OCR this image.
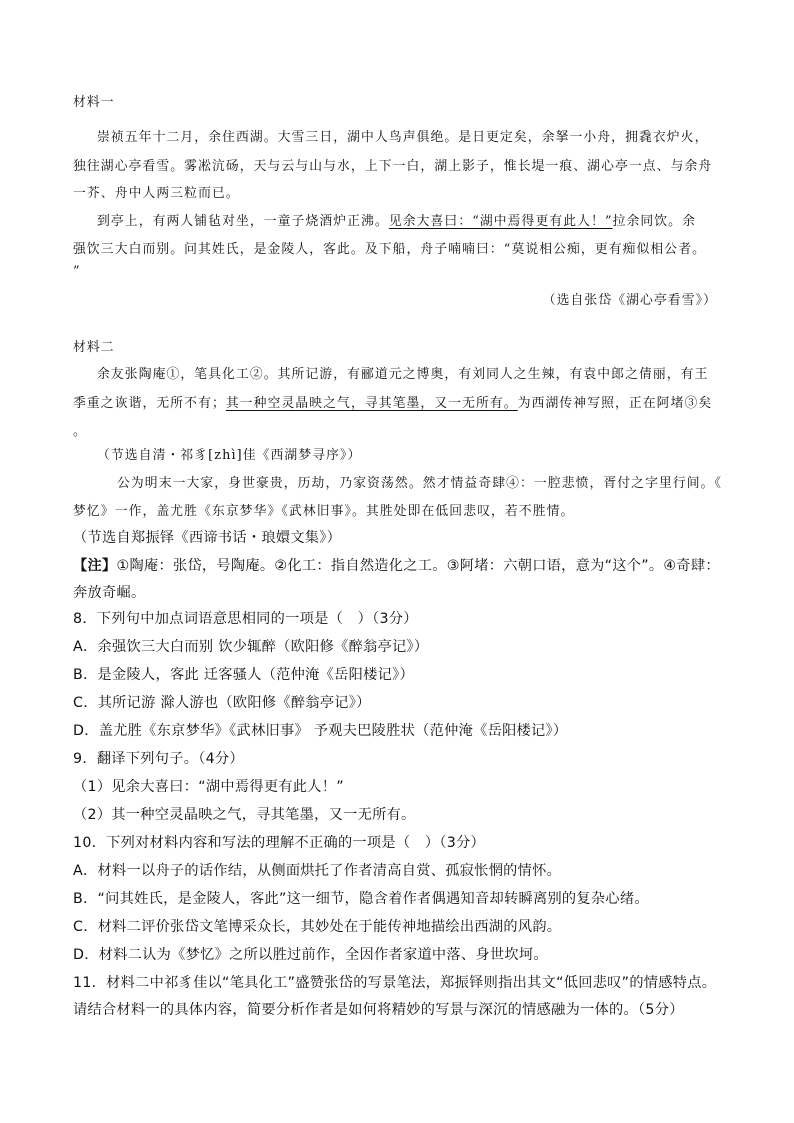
材料一
崇祯五年十二月，余住西湖。大雪三日，湖中人鸟声俱绝。是日更定矣，余拏一小舟，拥毳衣炉火，
独往湖心亭看雪。雾凇沆砀，天与云与山与水，上下一白，湖上影子，惟长堤一痕、湖心亭一点、与余舟
一芥、舟中人两三粒而已。
到亭上，有两人铺毡对坐，一童子烧酒炉正沸。见余大喜曰：“湖中焉得更有此人！”拉余同饮。余
强饮三大白而别。问其姓氏，是金陵人，客此。及下船，舟子喃喃曰：“莫说相公痴，更有痴似相公者。
”
（选自张岱《湖心亭看雪》）
材料二
余友张陶庵①，笔具化工②。其所记游，有郦道元之博奥，有刘同人之生辣，有袁中郎之倩丽，有王
季重之诙谐，无所不有；其一种空灵晶映之气，寻其笔墨，又一无所有。为西湖传神写照，正在阿堵③矣
。
（节选自清・祁豸[zhì]佳《西湖梦寻序》）
公为明末一大家，身世豪贵，历劫，乃家资荡然。然才情益奇肆④：一腔悲愤，胥付之字里行间。《
梦忆》一作，盖尤胜《东京梦华》《武林旧事》。其胜处即在低回悲叹，若不胜情。
（节选自郑振铎《西谛书话・琅嬛文集》）
【注】①陶庵：张岱，号陶庵。②化工：指自然造化之工。③阿堵：六朝口语，意为“这个”。④奇肆：
奔放奇崛。
8．下列句中加点词语意思相同的一项是（　）（3分）
A．余强饮三大白而别 饮少辄醉（欧阳修《醉翁亭记》）
B．是金陵人，客此 迁客骚人（范仲淹《岳阳楼记》）
C．其所记游 滁人游也（欧阳修《醉翁亭记》）
D．盖尤胜《东京梦华》《武林旧事》 予观夫巴陵胜状（范仲淹《岳阳楼记》）
9．翻译下列句子。（4分）
（1）见余大喜曰：“湖中焉得更有此人！”
（2）其一种空灵晶映之气，寻其笔墨，又一无所有。
10．下列对材料内容和写法的理解不正确的一项是（　）（3分）
A．材料一以舟子的话作结，从侧面烘托了作者清高自赏、孤寂怅惘的情怀。
B．“问其姓氏，是金陵人，客此”这一细节，隐含着作者偶遇知音却转瞬离别的复杂心绪。
C．材料二评价张岱文笔博采众长，其妙处在于能传神地描绘出西湖的风韵。
D．材料二认为《梦忆》之所以胜过前作，全因作者家道中落、身世坎坷。
11．材料二中祁豸佳以“笔具化工”盛赞张岱的写景笔法，郑振铎则指出其文“低回悲叹”的情感特点。
请结合材料一的具体内容，简要分析作者是如何将精妙的写景与深沉的情感融为一体的。（5分）
